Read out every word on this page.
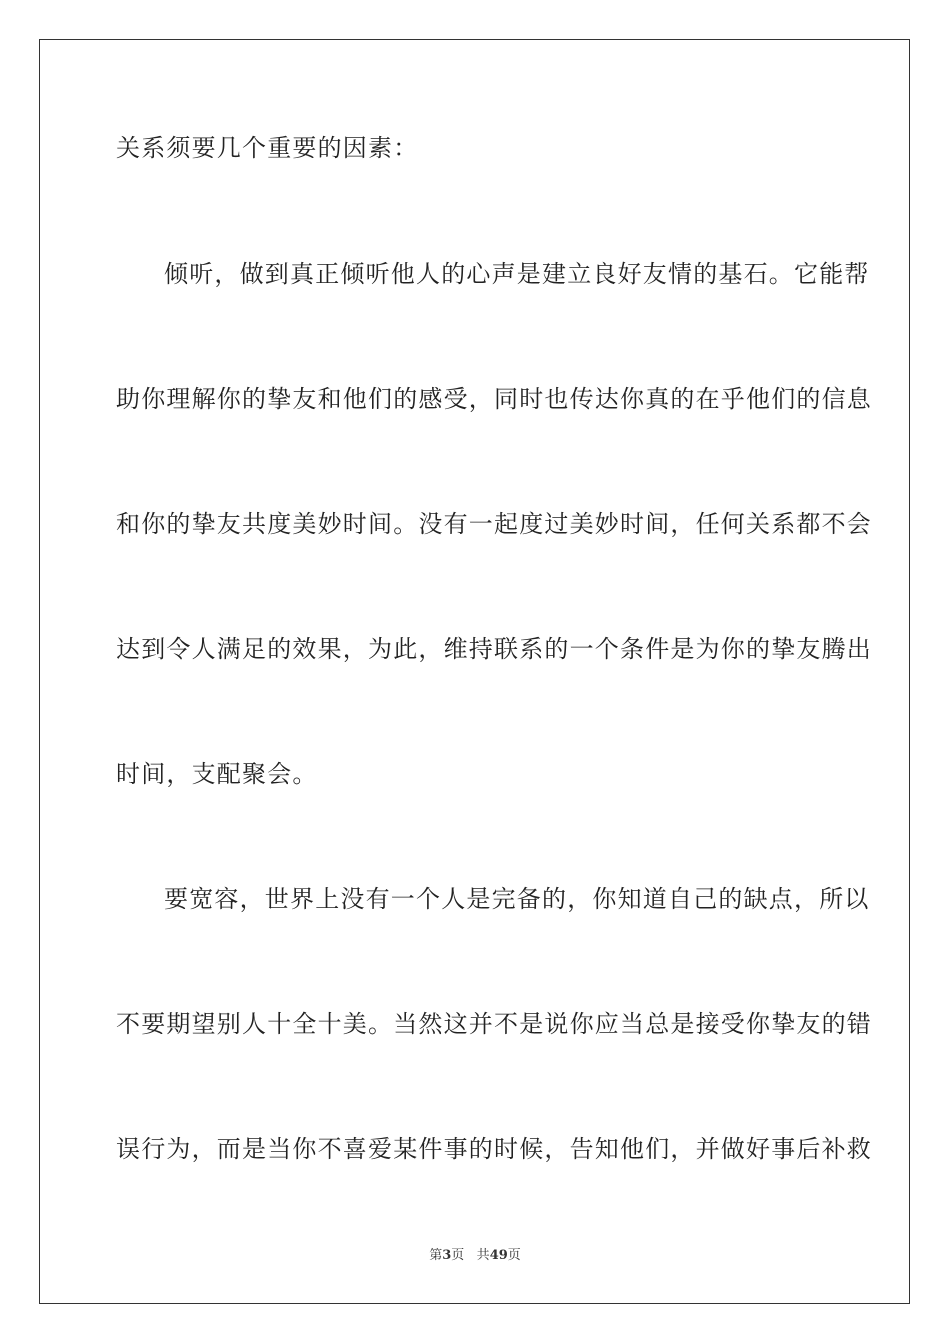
关系须要几个重要的因素：
倾听，做到真正倾听他人的心声是建立良好友情的基石。它能帮
助你理解你的挚友和他们的感受，同时也传达你真的在乎他们的信息
和你的挚友共度美妙时间。没有一起度过美妙时间，任何关系都不会
达到令人满足的效果，为此，维持联系的一个条件是为你的挚友腾出
时间，支配聚会。
要宽容，世界上没有一个人是完备的，你知道自己的缺点，所以
不要期望别人十全十美。当然这并不是说你应当总是接受你挚友的错
误行为，而是当你不喜爱某件事的时候，告知他们，并做好事后补救
第3页 共49页
